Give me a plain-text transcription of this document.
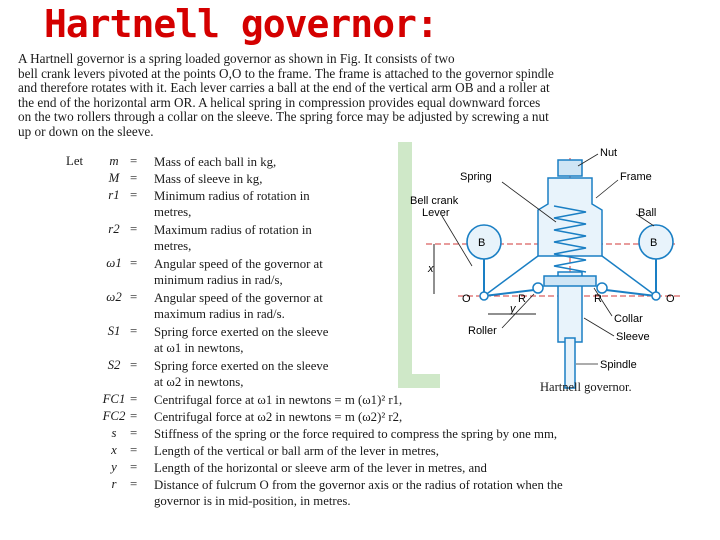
Hartnell governor:
A Hartnell governor is a spring loaded governor as shown in Fig. It consists of two
bell crank levers pivoted at the points O,O to the frame. The frame is attached to the governor spindle
and therefore rotates with it. Each lever carries a ball at the end of the vertical arm OB and a roller at
the end of the horizontal arm OR. A helical spring in compression provides equal downward forces
on the two rollers through a collar on the sleeve. The spring force may be adjusted by screwing a nut
up or down on the sleeve.
Let	m = Mass of each ball in kg,
M = Mass of sleeve in kg,
r1 = Minimum radius of rotation in
metres,
r2 = Maximum radius of rotation in
metres,
ω1 = Angular speed of the governor at
minimum radius in rad/s,
ω2 = Angular speed of the governor at
maximum radius in rad/s.
S1 = Spring force exerted on the sleeve
at ω1 in newtons,
S2 = Spring force exerted on the sleeve
at ω2 in newtons,
FC1 = Centrifugal force at ω1 in newtons = m (ω1)² r1,
FC2 = Centrifugal force at ω2 in newtons = m (ω2)² r2,
s	= Stiffness of the spring or the force required to compress the spring by one mm,
x	= Length of the vertical or ball arm of the lever in metres,
y	= Length of the horizontal or sleeve arm of the lever in metres, and
r	= Distance of fulcrum O from the governor axis or the radius of rotation when the
governor is in mid-position, in metres.
Nut
Spring	Frame
Bell crank
Lever	Ball
B	B
O	O
R	R
x
y
Collar
Roller	Sleeve
Spindle
Hartnell governor.
